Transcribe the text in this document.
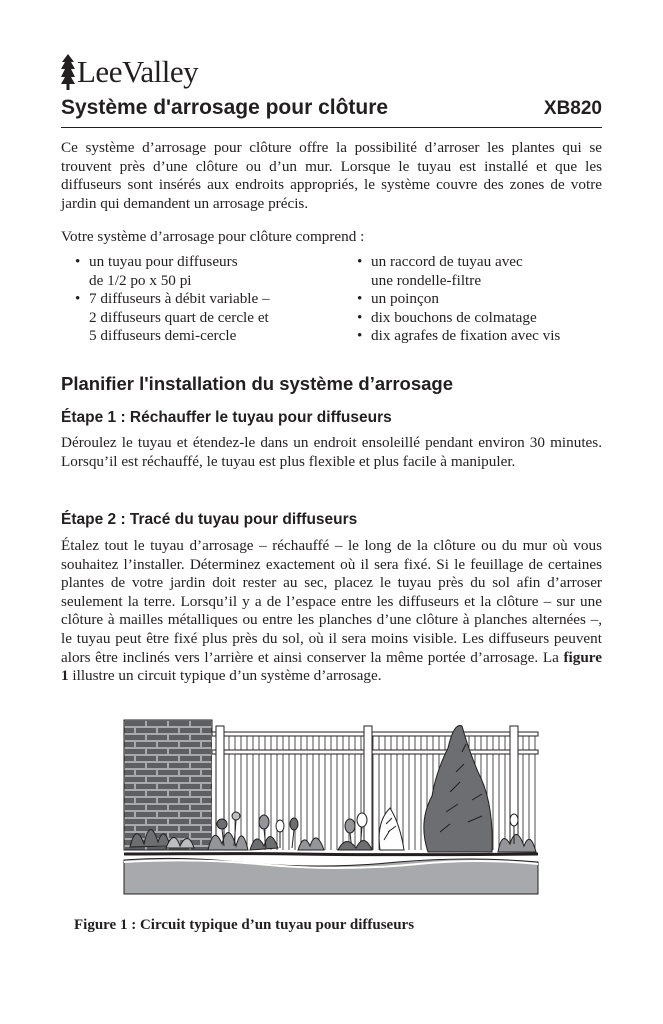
LeeValley
Système d'arrosage pour clôture	XB820

Ce système d’arrosage pour clôture offre la possibilité d’arroser les plantes qui se trouvent près d’une clôture ou d’un mur. Lorsque le tuyau est installé et que les diffuseurs sont insérés aux endroits appropriés, le système couvre des zones de votre jardin qui demandent un arrosage précis.

Votre système d’arrosage pour clôture comprend :

• un tuyau pour diffuseurs
de 1/2 po x 50 pi
• 7 diffuseurs à débit variable –
2 diffuseurs quart de cercle et
5 diffuseurs demi-cercle
• un raccord de tuyau avec
une rondelle-filtre
• un poinçon
• dix bouchons de colmatage
• dix agrafes de fixation avec vis
Planifier l'installation du système d’arrosage
Étape 1 : Réchauffer le tuyau pour diffuseurs

Déroulez le tuyau et étendez-le dans un endroit ensoleillé pendant environ 30 minutes. Lorsqu’il est réchauffé, le tuyau est plus flexible et plus facile à manipuler.

Étape 2 : Tracé du tuyau pour diffuseurs

Étalez tout le tuyau d’arrosage – réchauffé – le long de la clôture ou du mur où vous souhaitez l’installer. Déterminez exactement où il sera fixé. Si le feuillage de certaines plantes de votre jardin doit rester au sec, placez le tuyau près du sol afin d’arroser seulement la terre. Lorsqu’il y a de l’espace entre les diffuseurs et la clôture – sur une clôture à mailles métalliques ou entre les planches d’une clôture à planches alternées –, le tuyau peut être fixé plus près du sol, où il sera moins visible. Les diffuseurs peuvent alors être inclinés vers l’arrière et ainsi conserver la même portée d’arrosage. La figure 1 illustre un circuit typique d’un système d’arrosage.

Figure 1 : Circuit typique d’un tuyau pour diffuseurs
